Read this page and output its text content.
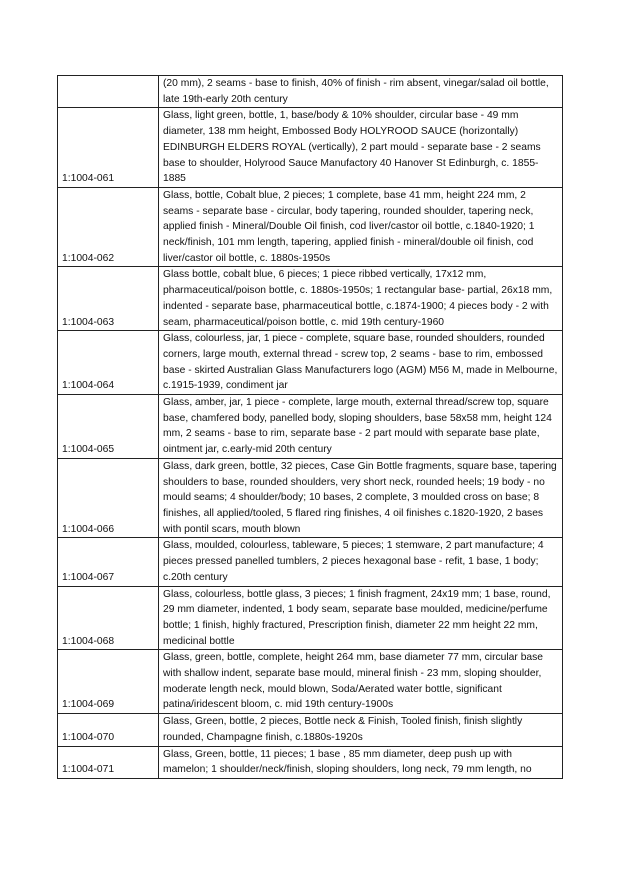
	(20 mm), 2 seams - base to finish, 40% of finish - rim absent, vinegar/salad oil bottle, late 19th-early 20th century
1:1004-061	Glass, light green, bottle, 1, base/body & 10% shoulder, circular base - 49 mm diameter, 138 mm height, Embossed Body HOLYROOD SAUCE (horizontally) EDINBURGH ELDERS ROYAL (vertically), 2 part mould - separate base - 2 seams base to shoulder, Holyrood Sauce Manufactory 40 Hanover St Edinburgh, c. 1855-1885
1:1004-062	Glass, bottle, Cobalt blue, 2 pieces; 1 complete, base 41 mm, height 224 mm, 2 seams - separate base - circular, body tapering, rounded shoulder, tapering neck, applied finish - Mineral/Double Oil finish, cod liver/castor oil bottle, c.1840-1920; 1 neck/finish, 101 mm length, tapering, applied finish - mineral/double oil finish, cod liver/castor oil bottle, c. 1880s-1950s
1:1004-063	Glass bottle, cobalt blue, 6 pieces; 1 piece ribbed vertically, 17x12 mm, pharmaceutical/poison bottle, c. 1880s-1950s; 1 rectangular base- partial, 26x18 mm, indented - separate base, pharmaceutical bottle, c.1874-1900; 4 pieces body - 2 with seam, pharmaceutical/poison bottle, c. mid 19th century-1960
1:1004-064	Glass, colourless, jar, 1 piece - complete, square base, rounded shoulders, rounded corners, large mouth, external thread - screw top, 2 seams - base to rim, embossed base - skirted Australian Glass Manufacturers logo (AGM) M56 M, made in Melbourne, c.1915-1939, condiment jar
1:1004-065	Glass, amber, jar, 1 piece - complete, large mouth, external thread/screw top, square base, chamfered body, panelled body, sloping shoulders, base 58x58 mm, height 124 mm, 2 seams - base to rim, separate base - 2 part mould with separate base plate, ointment jar, c.early-mid 20th century
1:1004-066	Glass, dark green, bottle, 32 pieces, Case Gin Bottle fragments, square base, tapering shoulders to base, rounded shoulders, very short neck, rounded heels; 19 body - no mould seams; 4 shoulder/body; 10 bases, 2 complete, 3 moulded cross on base; 8 finishes, all applied/tooled, 5 flared ring finishes, 4 oil finishes c.1820-1920, 2 bases with pontil scars, mouth blown
1:1004-067	Glass, moulded, colourless, tableware, 5 pieces; 1 stemware, 2 part manufacture; 4 pieces pressed panelled tumblers, 2 pieces hexagonal base - refit, 1 base, 1 body; c.20th century
1:1004-068	Glass, colourless, bottle glass, 3 pieces; 1 finish fragment, 24x19 mm; 1 base, round, 29 mm diameter, indented, 1 body seam, separate base moulded, medicine/perfume bottle; 1 finish, highly fractured, Prescription finish, diameter 22 mm height 22 mm, medicinal bottle
1:1004-069	Glass, green, bottle, complete, height 264 mm, base diameter 77 mm, circular base with shallow indent, separate base mould, mineral finish - 23 mm, sloping shoulder, moderate length neck, mould blown, Soda/Aerated water bottle, significant patina/iridescent bloom, c. mid 19th century-1900s
1:1004-070	Glass, Green, bottle, 2 pieces, Bottle neck & Finish, Tooled finish, finish slightly rounded, Champagne finish, c.1880s-1920s
1:1004-071	Glass, Green, bottle, 11 pieces; 1 base , 85 mm diameter, deep push up with mamelon; 1 shoulder/neck/finish, sloping shoulders, long neck, 79 mm length, no
